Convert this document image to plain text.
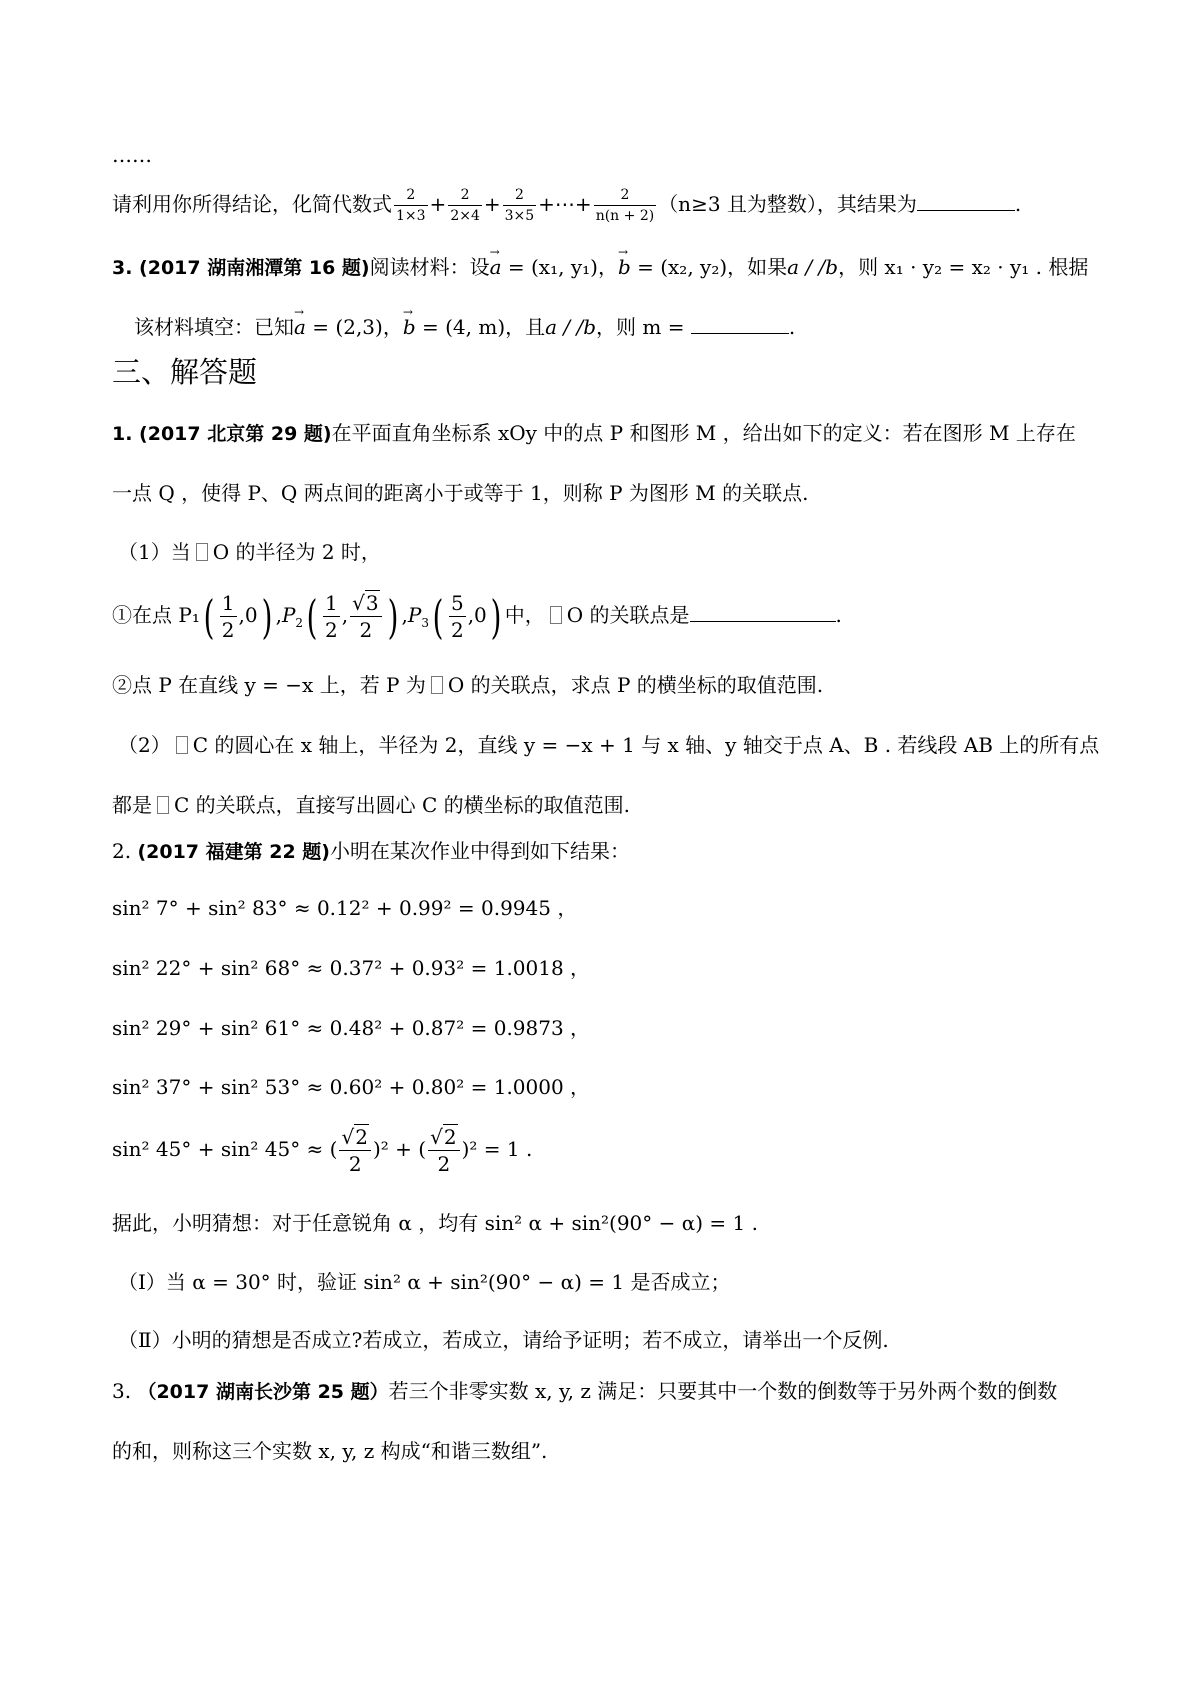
……
请利用你所得结论，化简代数式 $\frac{2}{1\times 3} + \frac{2}{2\times 4} + \frac{2}{3\times 5}$ +⋯+ $\frac{2}{n(n + 2)} (n\ge 3$ 且为整数），其结果为	.
3. (2017 湖南湘潭第 16 题)阅读材料：设→ a = (x₁, y₁)，→ b = (x₂, y₂)，如果a / /b，则 x₁ · y₂ = x₂ · y₁ . 根据
该材料填空：已知→ a = (2,3)，→ b = (4, m)，且a / /b，则 m =	.
三、解答题
1. (2017 北京第 29 题)在平面直角坐标系 xOy 中的点 P 和图形 M ，给出如下的定义：若在图形 M 上存在
一点 Q ，使得 P、Q 两点间的距离小于或等于 1，则称 P 为图形 M 的关联点.
（1）当 O 的半径为 2 时，
①在点 $P_1( \frac{1}{2} ,0)$ $,P_2( \frac{1}{2}$ , $\frac{√3}{2}$ ) $,P_3( \frac{5}{2} ,0)$ 中， O 的关联点是	.
②点 P 在直线 y = −x 上，若 P 为 O 的关联点，求点 P 的横坐标的取值范围.
（2） C 的圆心在 x 轴上，半径为 2，直线 y = −x + 1 与 x 轴、y 轴交于点 A、B . 若线段 AB 上的所有点
都是 C 的关联点，直接写出圆心 C 的横坐标的取值范围.
2. (2017 福建第 22 题)小明在某次作业中得到如下结果：
sin² 7° + sin² 83° ≈ 0.12² + 0.99² = 0.9945 ，
sin² 22° + sin² 68° ≈ 0.37² + 0.93² = 1.0018 ，
sin² 29° + sin² 61° ≈ 0.48² + 0.87² = 0.9873 ，
sin² 37° + sin² 53° ≈ 0.60² + 0.80² = 1.0000 ，
sin² 45° + sin² 45° ≈ ( $\frac{√2}{2} )^2$ + ( $\frac{√2}{2} )^2 = 1$ .
据此，小明猜想：对于任意锐角 α ，均有 sin² α + sin²(90° − α) = 1 .
（Ⅰ）当 α = 30° 时，验证 sin² α + sin²(90° − α) = 1 是否成立；
（Ⅱ）小明的猜想是否成立?若成立，若成立，请给予证明；若不成立，请举出一个反例.
3. （2017 湖南长沙第 25 题）若三个非零实数 x, y, z 满足：只要其中一个数的倒数等于另外两个数的倒数
的和，则称这三个实数 x, y, z 构成“和谐三数组”.
